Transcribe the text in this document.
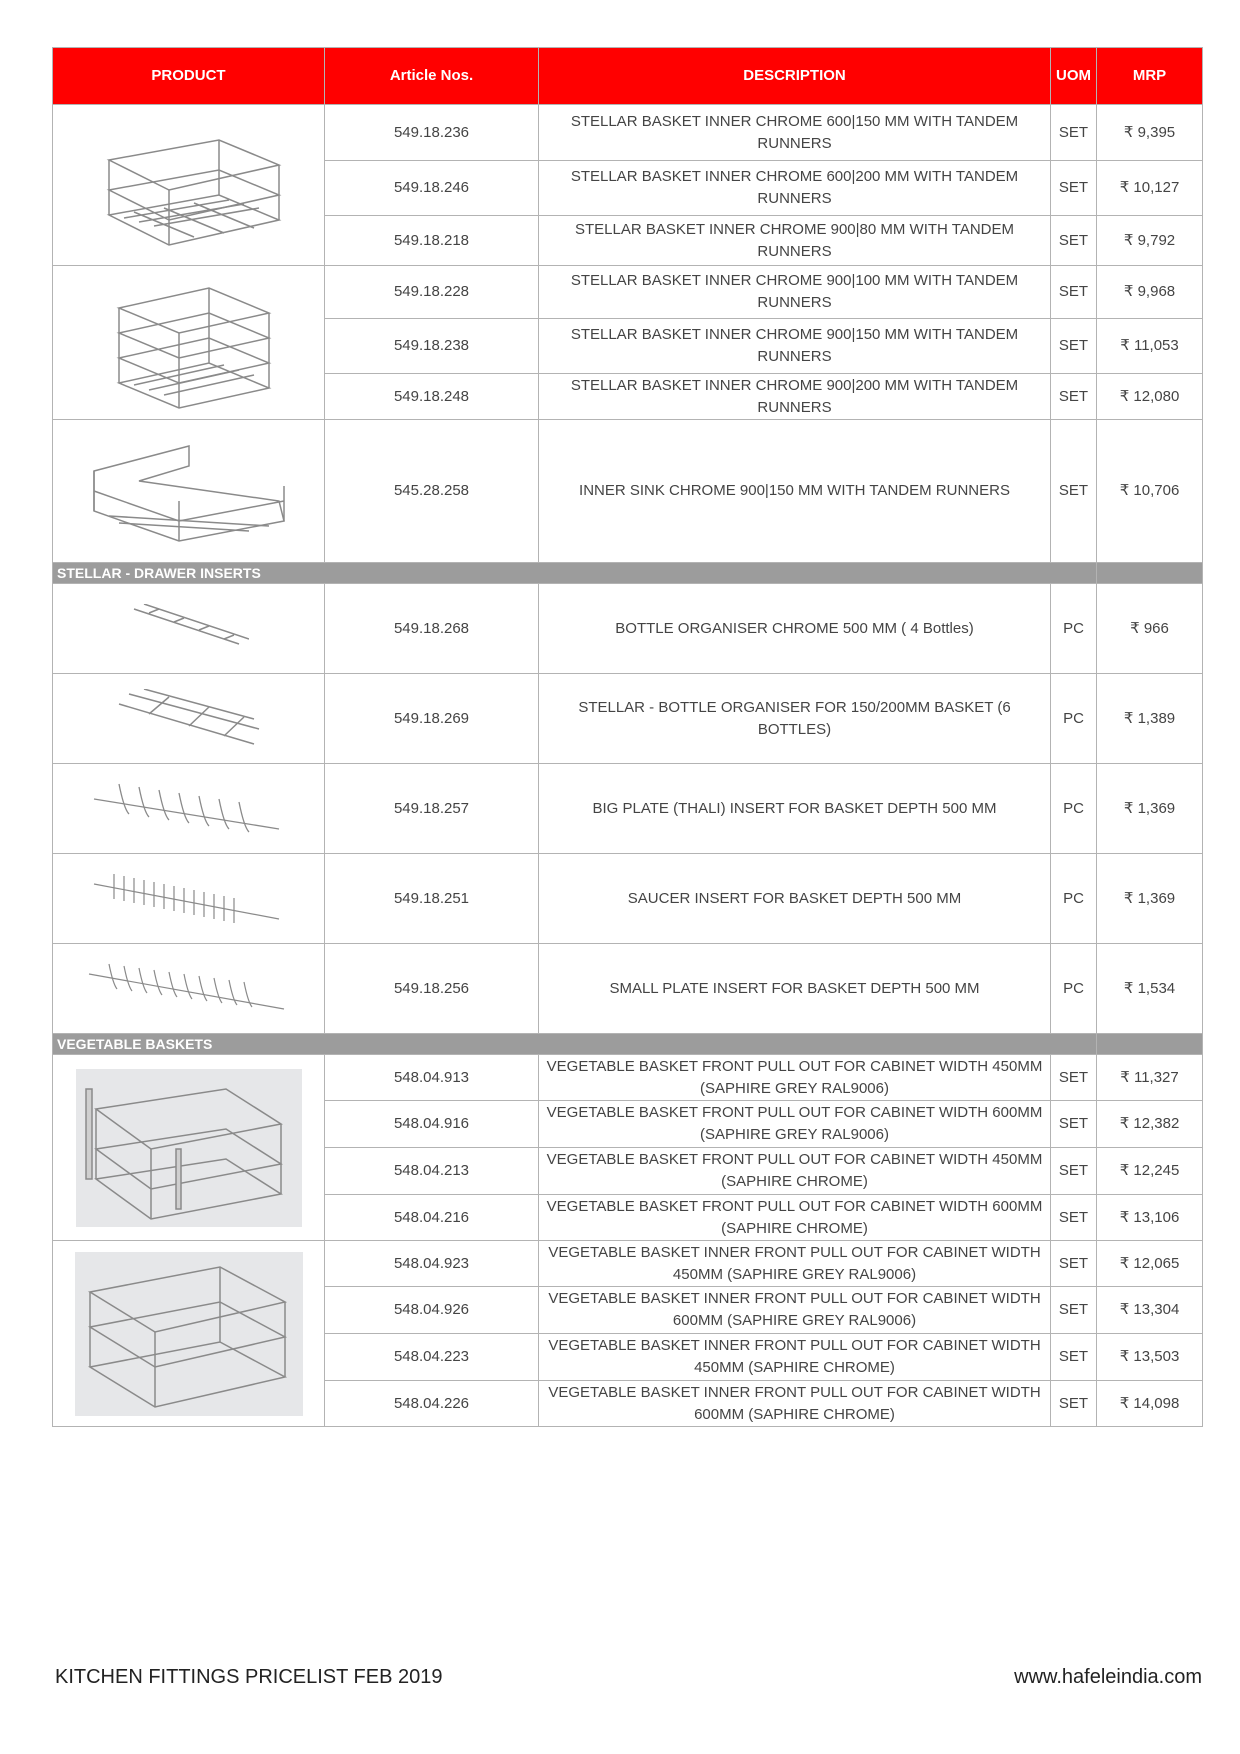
PRODUCT	Article Nos.	DESCRIPTION	UOM	MRP

	549.18.236	STELLAR BASKET INNER CHROME 600|150 MM WITH TANDEM RUNNERS	SET	₹ 9,395
	549.18.246	STELLAR BASKET INNER CHROME 600|200 MM WITH TANDEM RUNNERS	SET	₹ 10,127
	549.18.218	STELLAR BASKET INNER CHROME 900|80 MM WITH TANDEM RUNNERS	SET	₹ 9,792

	549.18.228	STELLAR BASKET INNER CHROME 900|100 MM WITH TANDEM RUNNERS	SET	₹ 9,968
	549.18.238	STELLAR BASKET INNER CHROME 900|150 MM WITH TANDEM RUNNERS	SET	₹ 11,053
	549.18.248	STELLAR BASKET INNER CHROME 900|200 MM WITH TANDEM RUNNERS	SET	₹ 12,080

	545.28.258	INNER SINK CHROME 900|150 MM WITH TANDEM RUNNERS	SET	₹ 10,706
STELLAR - DRAWER INSERTS				

	549.18.268	BOTTLE ORGANISER CHROME 500 MM ( 4 Bottles)	PC	₹ 966

	549.18.269	STELLAR - BOTTLE ORGANISER FOR 150/200MM BASKET (6 BOTTLES)	PC	₹ 1,389

	549.18.257	BIG PLATE (THALI) INSERT FOR BASKET DEPTH 500 MM	PC	₹ 1,369

	549.18.251	SAUCER INSERT FOR BASKET DEPTH 500 MM	PC	₹ 1,369

	549.18.256	SMALL PLATE INSERT FOR BASKET DEPTH 500 MM	PC	₹ 1,534
VEGETABLE BASKETS				

	548.04.913	VEGETABLE BASKET FRONT PULL OUT FOR CABINET WIDTH 450MM (SAPHIRE GREY RAL9006)	SET	₹ 11,327
	548.04.916	VEGETABLE BASKET FRONT PULL OUT FOR CABINET WIDTH 600MM (SAPHIRE GREY RAL9006)	SET	₹ 12,382
	548.04.213	VEGETABLE BASKET FRONT PULL OUT FOR CABINET WIDTH 450MM (SAPHIRE CHROME)	SET	₹ 12,245
	548.04.216	VEGETABLE BASKET FRONT PULL OUT FOR CABINET WIDTH 600MM (SAPHIRE CHROME)	SET	₹ 13,106

	548.04.923	VEGETABLE BASKET INNER FRONT PULL OUT FOR CABINET WIDTH 450MM (SAPHIRE GREY RAL9006)	SET	₹ 12,065
	548.04.926	VEGETABLE BASKET INNER FRONT PULL OUT FOR CABINET WIDTH 600MM (SAPHIRE GREY RAL9006)	SET	₹ 13,304
	548.04.223	VEGETABLE BASKET INNER FRONT PULL OUT FOR CABINET WIDTH 450MM (SAPHIRE CHROME)	SET	₹ 13,503
	548.04.226	VEGETABLE BASKET INNER FRONT PULL OUT FOR CABINET WIDTH 600MM (SAPHIRE CHROME)	SET	₹ 14,098
KITCHEN FITTINGS PRICELIST FEB 2019	www.hafeleindia.com
